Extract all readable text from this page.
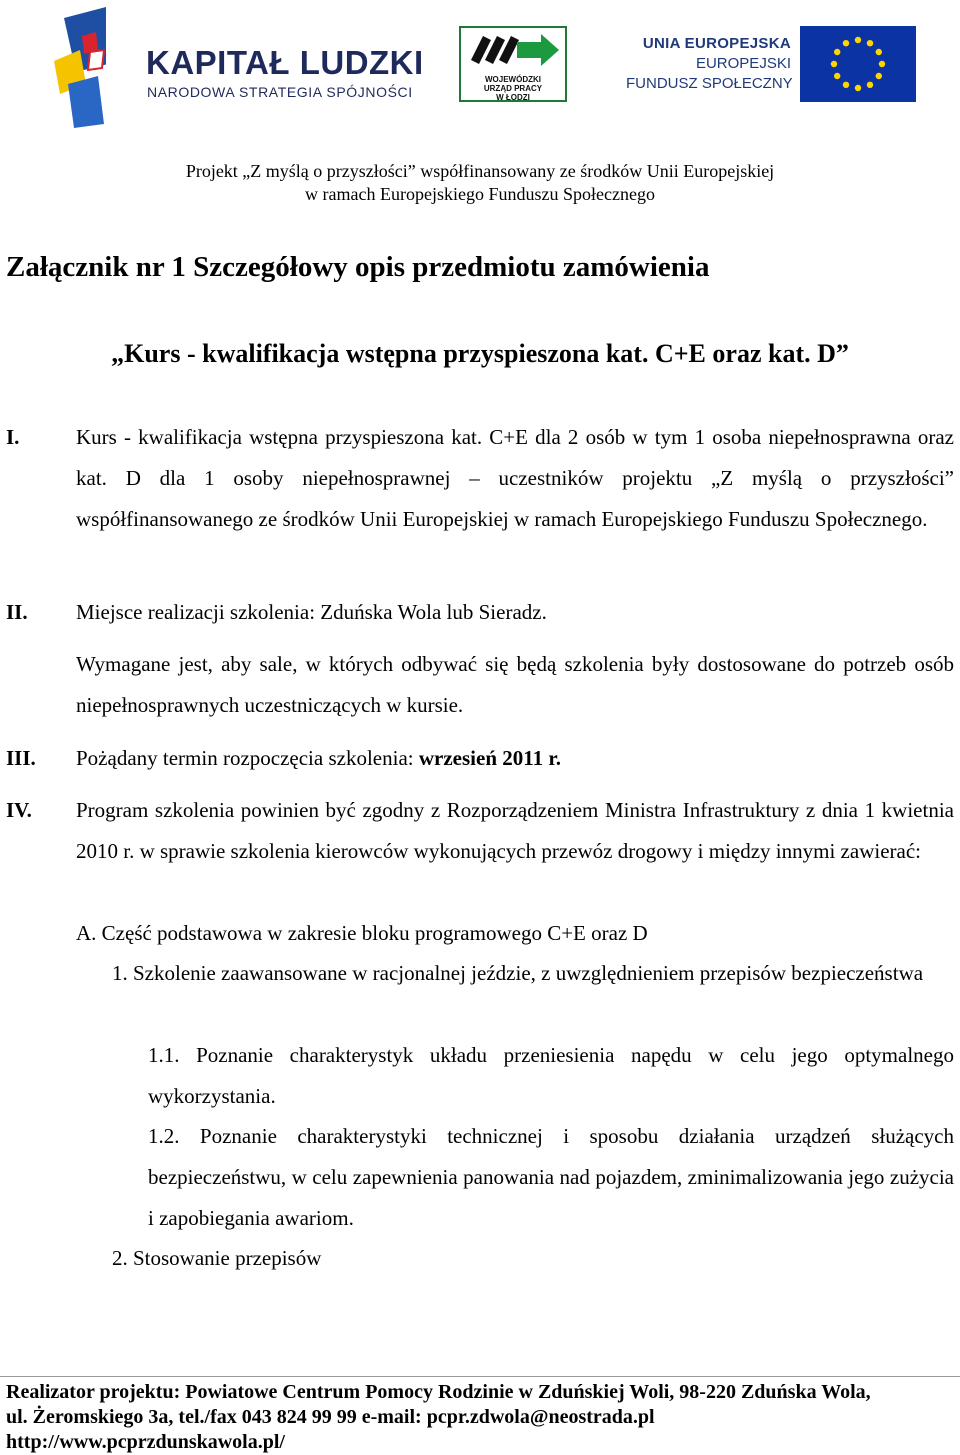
KAPITAŁ LUDZKI
NARODOWA STRATEGIA SPÓJNOŚCI
WOJEWÓDZKI
URZĄD PRACY
W ŁODZI
UNIA EUROPEJSKA
EUROPEJSKI
FUNDUSZ SPOŁECZNY
Projekt „Z myślą o przyszłości” współfinansowany ze środków Unii Europejskiej
w ramach Europejskiego Funduszu Społecznego
Załącznik nr 1 Szczegółowy opis przedmiotu zamówienia
„Kurs - kwalifikacja wstępna przyspieszona kat. C+E oraz kat. D”
I.	Kurs - kwalifikacja wstępna przyspieszona kat. C+E dla 2 osób w tym 1 osoba niepełnosprawna oraz kat. D dla 1 osoby niepełnosprawnej – uczestników projektu „Z myślą o przyszłości” współfinansowanego ze środków Unii Europejskiej w ramach Europejskiego Funduszu Społecznego.
II.	Miejsce realizacji szkolenia: Zduńska Wola lub Sieradz.
Wymagane jest, aby sale, w których odbywać się będą szkolenia były dostosowane do potrzeb osób niepełnosprawnych uczestniczących w kursie.
III.	Pożądany termin rozpoczęcia szkolenia: wrzesień 2011 r.
IV.	Program szkolenia powinien być zgodny z Rozporządzeniem Ministra Infrastruktury z dnia 1 kwietnia 2010 r. w sprawie szkolenia kierowców wykonujących przewóz drogowy i między innymi zawierać:
A. Część podstawowa w zakresie bloku programowego C+E oraz D
1. Szkolenie zaawansowane w racjonalnej jeździe, z uwzględnieniem przepisów bezpieczeństwa
1.1. Poznanie charakterystyk układu przeniesienia napędu w celu jego optymalnego wykorzystania.
1.2. Poznanie charakterystyki technicznej i sposobu działania urządzeń służących bezpieczeństwu, w celu zapewnienia panowania nad pojazdem, zminimalizowania jego zużycia i zapobiegania awariom.
2. Stosowanie przepisów
Realizator projektu: Powiatowe Centrum Pomocy Rodzinie w Zduńskiej Woli, 98-220 Zduńska Wola,
ul. Żeromskiego 3a, tel./fax 043 824 99 99 e-mail: pcpr.zdwola@neostrada.pl
http://www.pcprzdunskawola.pl/
